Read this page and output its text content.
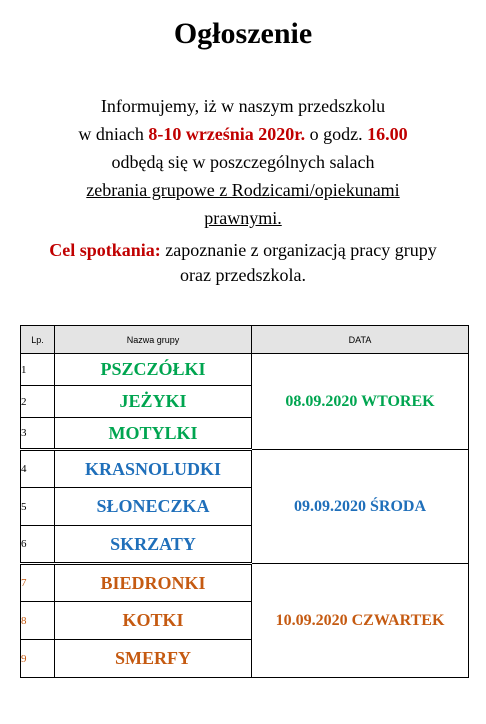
Ogłoszenie
Informujemy, iż w naszym przedszkolu
w dniach 8-10 września 2020r. o godz. 16.00
odbędą się w poszczególnych salach
zebrania grupowe z Rodzicami/opiekunami
prawnymi.
Cel spotkania: zapoznanie z organizacją pracy grupy
oraz przedszkola.
Lp.	Nazwa grupy	DATA
1	PSZCZÓŁKI	08.09.2020 WTOREK
2	JEŻYKI	
3	MOTYLKI	
4	KRASNOLUDKI	09.09.2020 ŚRODA
5	SŁONECZKA	
6	SKRZATY	
7	BIEDRONKI	10.09.2020 CZWARTEK
8	KOTKI	
9	SMERFY	
